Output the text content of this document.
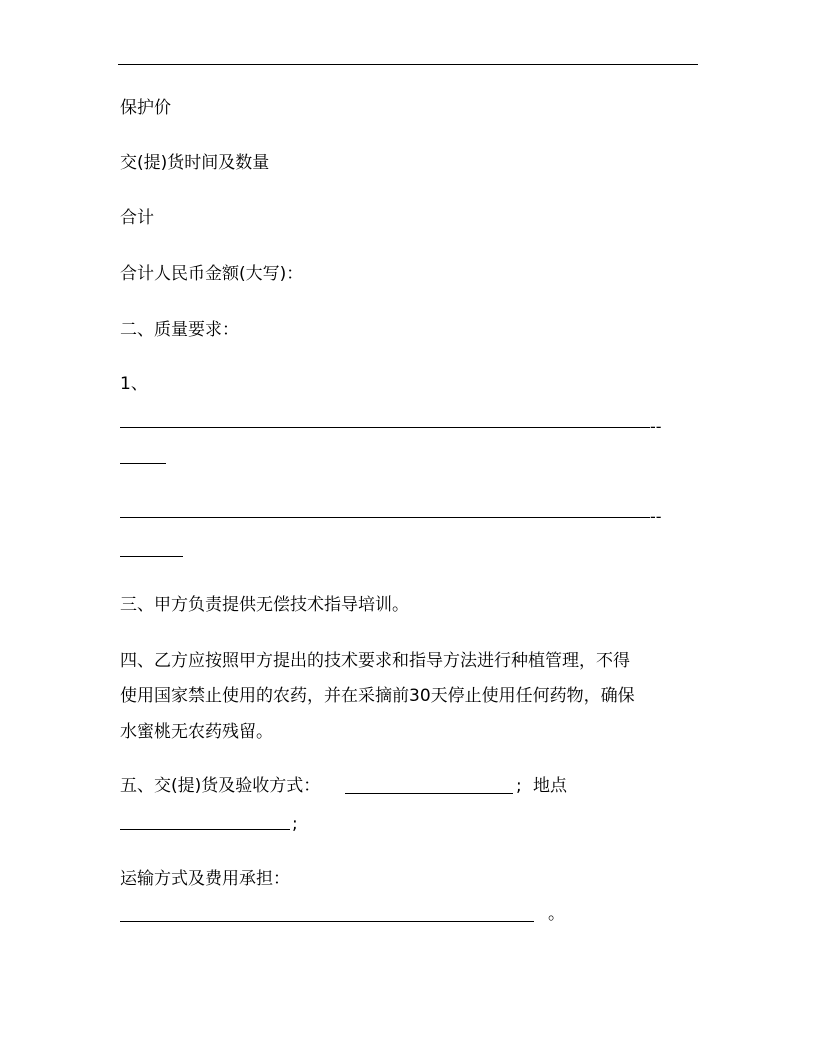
保护价
交(提)货时间及数量
合计
合计人民币金额(大写)：
二、质量要求：
1、
--
--
三、甲方负责提供无偿技术指导培训。
四、乙方应按照甲方提出的技术要求和指导方法进行种植管理，不得
使用国家禁止使用的农药，并在采摘前30天停止使用任何药物，确保
水蜜桃无农药残留。
五、交(提)货及验收方式：	; 地点
;
运输方式及费用承担：
。
